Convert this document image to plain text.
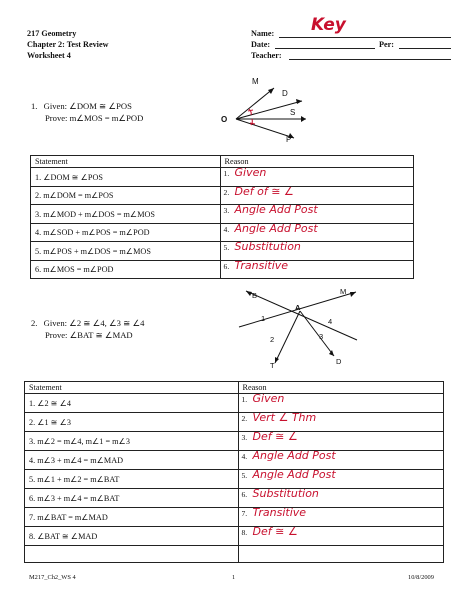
217 Geometry
Chapter 2: Test Review
Worksheet 4
Name: Key
Date:	Per:
Teacher:
1. Given: ∠DOM ≅ ∠POS
Prove: m∠MOS = m∠POD
M
D
O
S
P
Statement	Reason
1. ∠DOM ≅ ∠POS	1. Given

2. m∠DOM = m∠POS	2. Def of ≅ ∠

3. m∠MOD + m∠DOS = m∠MOS	3. Angle Add Post

4. m∠SOD + m∠POS = m∠POD	4. Angle Add Post

5. m∠POS + m∠DOS = m∠MOS	5. Substitution

6. m∠MOS = m∠POD	6. Transitive
2. Given: ∠2 ≅ ∠4, ∠3 ≅ ∠4
Prove: ∠BAT ≅ ∠MAD
B	M
A
1
2	3
4
T	D
Statement	Reason
1. ∠2 ≅ ∠4	1. Given

2. ∠1 ≅ ∠3	2. Vert ∠ Thm

3. m∠2 = m∠4, m∠1 = m∠3	3. Def ≅ ∠

4. m∠3 + m∠4 = m∠MAD	4. Angle Add Post

5. m∠1 + m∠2 = m∠BAT	5. Angle Add Post

6. m∠3 + m∠4 = m∠BAT	6. Substitution

7. m∠BAT = m∠MAD	7. Transitive

8. ∠BAT ≅ ∠MAD	8. Def ≅ ∠

M217_Ch2_WS 4	1	10/8/2009
